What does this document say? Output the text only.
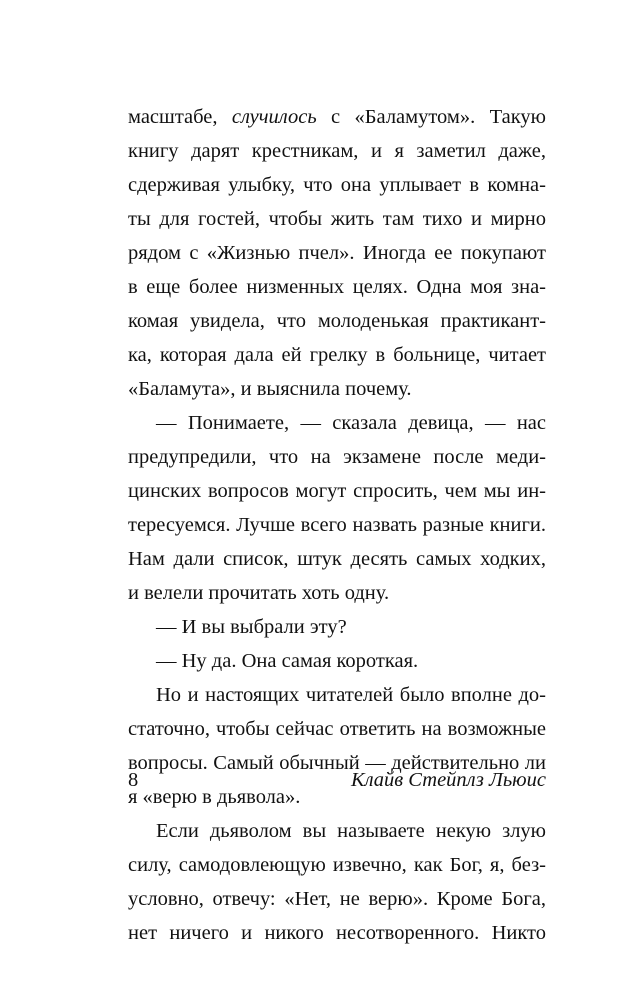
масштабе, случилось с «Баламутом». Такую
книгу дарят крестникам, и я заметил даже,
сдерживая улыбку, что она уплывает в комна-
ты для гостей, чтобы жить там тихо и мирно
рядом с «Жизнью пчел». Иногда ее покупают
в еще более низменных целях. Одна моя зна-
комая увидела, что молоденькая практикант-
ка, которая дала ей грелку в больнице, читает
«Баламута», и выяснила почему.
— Понимаете, — сказала девица, — нас
предупредили, что на экзамене после меди-
цинских вопросов могут спросить, чем мы ин-
тересуемся. Лучше всего назвать разные книги.
Нам дали список, штук десять самых ходких,
и велели прочитать хоть одну.
— И вы выбрали эту?
— Ну да. Она самая короткая.
Но и настоящих читателей было вполне до-
статочно, чтобы сейчас ответить на возможные
вопросы. Самый обычный — действительно ли
я «верю в дьявола».
Если дьяволом вы называете некую злую
силу, самодовлеющую извечно, как Бог, я, без-
условно, отвечу: «Нет, не верю». Кроме Бога,
нет ничего и никого несотворенного. Никто
8	Клайв Стейплз Льюис
